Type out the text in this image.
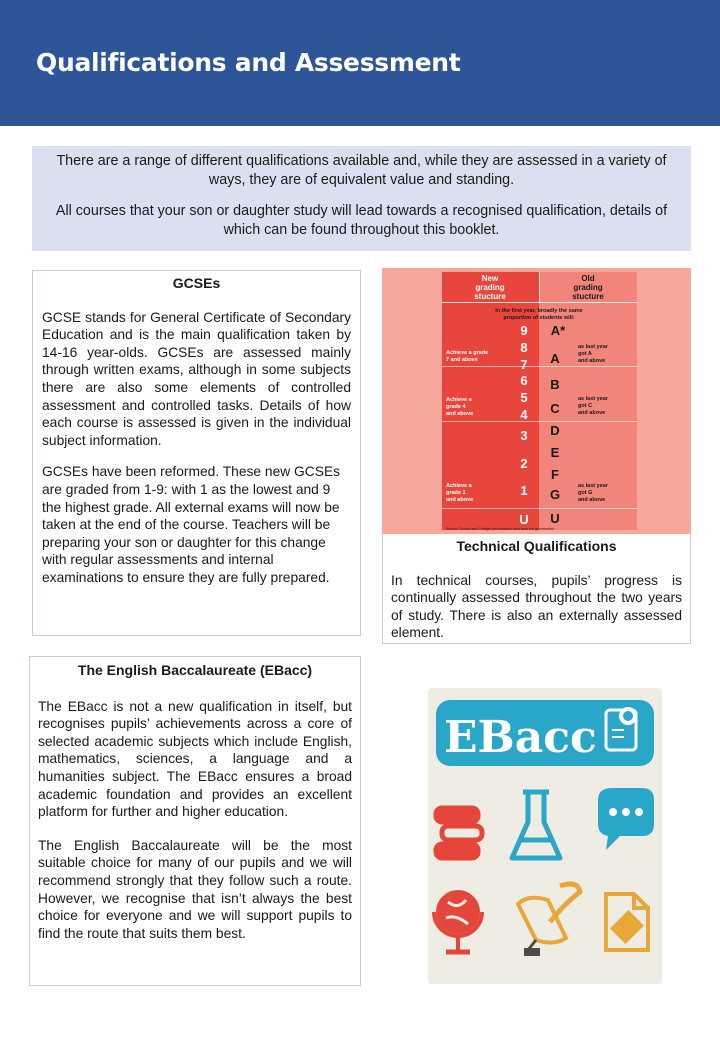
Qualifications and Assessment

There are a range of different qualifications available and, while they are assessed in a variety of ways, they are of equivalent value and standing.

All courses that your son or daughter study will lead towards a recognised qualification, details of which can be found throughout this booklet.

GCSEs

GCSE stands for General Certificate of Secondary Education and is the main qualification taken by 14-16 year-olds. GCSEs are assessed mainly through written exams, although in some subjects there are also some elements of controlled assessment and controlled tasks. Details of how each course is assessed is given in the individual subject information.

GCSEs have been reformed. These new GCSEs are graded from 1-9: with 1 as the lowest and 9 the highest grade. All external exams will now be taken at the end of the course. Teachers will be preparing your son or daughter for this change with regular assessments and internal examinations to ensure they are fully prepared.

New grading stucture
Old grading stucture
In the first year, broadly the same proportion of students will:
9
8
7
6
5
4
3
2
1
U
A*
A
B
C
D
E
F
G
U
Achieve a grade 7 and above
Achieve a grade 4 and above
Achieve a grade 1 and above
as last year got A and above
as last year got C and above
as last year got G and above
Source: School and College performance data from the government
Technical Qualifications

In technical courses, pupils’ progress is continually assessed throughout the two years of study. There is also an externally assessed element.

The English Baccalaureate (EBacc)

The EBacc is not a new qualification in itself, but recognises pupils’ achievements across a core of selected academic subjects which include English, mathematics, sciences, a language and a humanities subject. The EBacc ensures a broad academic foundation and provides an excellent platform for further and higher education.

The English Baccalaureate will be the most suitable choice for many of our pupils and we will recommend strongly that they follow such a route. However, we recognise that isn’t always the best choice for everyone and we will support pupils to find the route that suits them best.

EBacc
